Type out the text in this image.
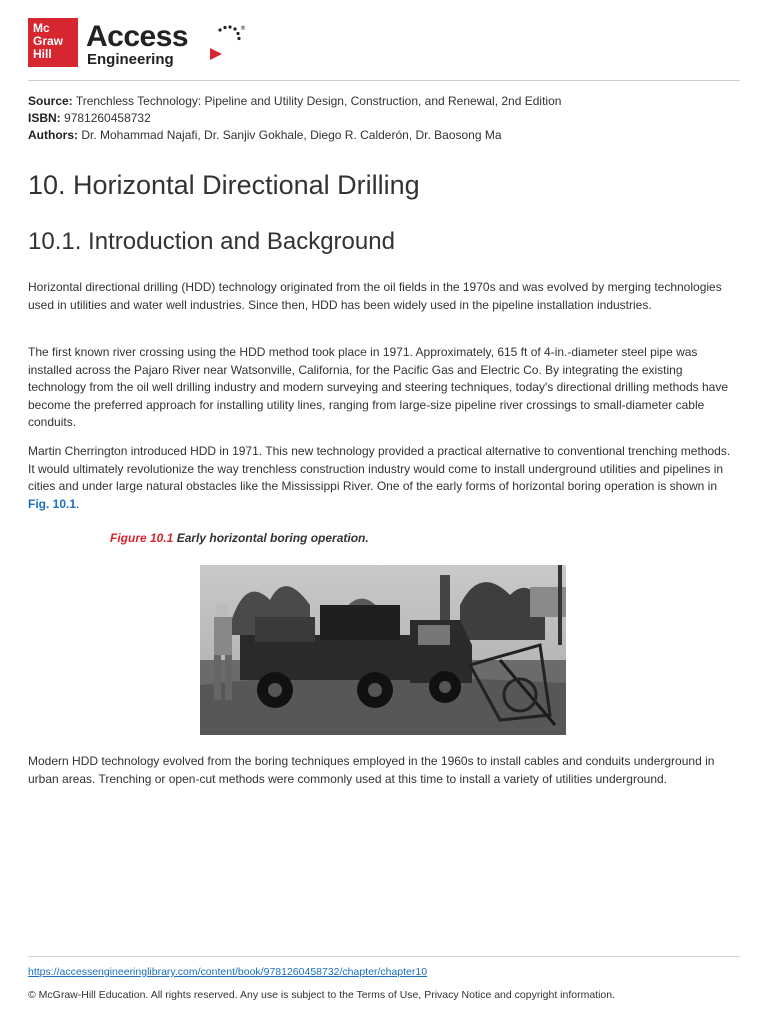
Mc
Graw
Hill
Access
Engineering
®
Source: Trenchless Technology: Pipeline and Utility Design, Construction, and Renewal, 2nd Edition
ISBN: 9781260458732
Authors: Dr. Mohammad Najafi, Dr. Sanjiv Gokhale, Diego R. Calderón, Dr. Baosong Ma
10. Horizontal Directional Drilling
10.1. Introduction and Background

Horizontal directional drilling (HDD) technology originated from the oil fields in the 1970s and was evolved by merging technologies used in utilities and water well industries. Since then, HDD has been widely used in the pipeline installation industries.

The first known river crossing using the HDD method took place in 1971. Approximately, 615 ft of 4-in.-diameter steel pipe was installed across the Pajaro River near Watsonville, California, for the Pacific Gas and Electric Co. By integrating the existing technology from the oil well drilling industry and modern surveying and steering techniques, today's directional drilling methods have become the preferred approach for installing utility lines, ranging from large-size pipeline river crossings to small-diameter cable conduits.

Martin Cherrington introduced HDD in 1971. This new technology provided a practical alternative to conventional trenching methods. It would ultimately revolutionize the way trenchless construction industry would come to install underground utilities and pipelines in cities and under large natural obstacles like the Mississippi River. One of the early forms of horizontal boring operation is shown in Fig. 10.1.

Figure 10.1 Early horizontal boring operation.

Modern HDD technology evolved from the boring techniques employed in the 1960s to install cables and conduits underground in urban areas. Trenching or open-cut methods were commonly used at this time to install a variety of utilities underground.

https://accessengineeringlibrary.com/content/book/9781260458732/chapter/chapter10
© McGraw-Hill Education. All rights reserved. Any use is subject to the Terms of Use, Privacy Notice and copyright information.
